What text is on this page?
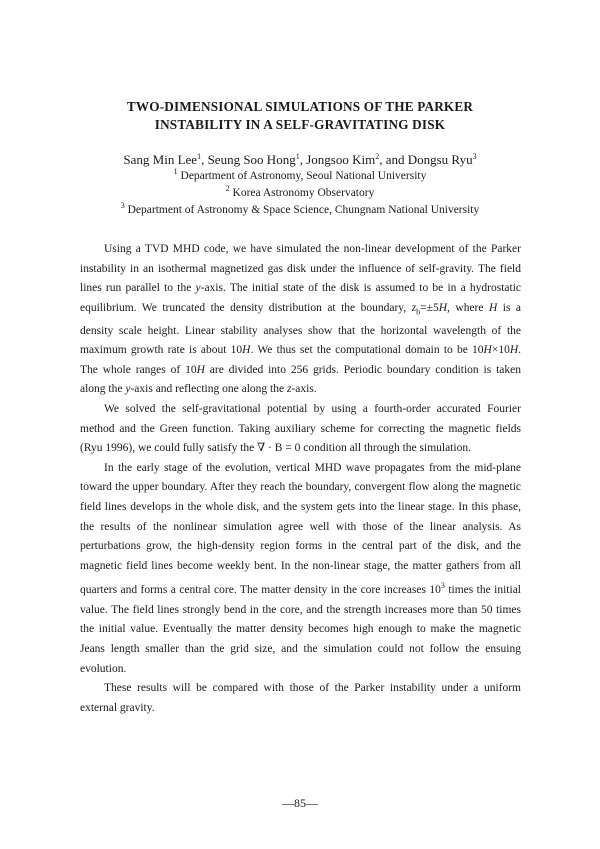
TWO-DIMENSIONAL SIMULATIONS OF THE PARKER
INSTABILITY IN A SELF-GRAVITATING DISK
Sang Min Lee$^1$, Seung Soo Hong$^1$, Jongsoo Kim$^2$, and Dongsu Ryu$^3$
$^1$ Department of Astronomy, Seoul National University
$^2$ Korea Astronomy Observatory
$^3$ Department of Astronomy & Space Science, Chungnam National University

Using a TVD MHD code, we have simulated the non-linear development of the Parker instability in an isothermal magnetized gas disk under the influence of self-gravity. The field lines run parallel to the y-axis. The initial state of the disk is assumed to be in a hydrostatic equilibrium. We truncated the density distribution at the boundary, $z_b=\pm 5H$, where H is a density scale height. Linear stability analyses show that the horizontal wavelength of the maximum growth rate is about 10H. We thus set the computational domain to be 10H×10H. The whole ranges of 10H are divided into 256 grids. Periodic boundary condition is taken along the y-axis and reflecting one along the z-axis.

We solved the self-gravitational potential by using a fourth-order accurated Fourier method and the Green function. Taking auxiliary scheme for correcting the magnetic fields (Ryu 1996), we could fully satisfy the ∇ · B = 0 condition all through the simulation.

In the early stage of the evolution, vertical MHD wave propagates from the mid-plane toward the upper boundary. After they reach the boundary, convergent flow along the magnetic field lines develops in the whole disk, and the system gets into the linear stage. In this phase, the results of the nonlinear simulation agree well with those of the linear analysis. As perturbations grow, the high-density region forms in the central part of the disk, and the magnetic field lines become weekly bent. In the non-linear stage, the matter gathers from all quarters and forms a central core. The matter density in the core increases $10^3$ times the initial value. The field lines strongly bend in the core, and the strength increases more than 50 times the initial value. Eventually the matter density becomes high enough to make the magnetic Jeans length smaller than the grid size, and the simulation could not follow the ensuing evolution.

These results will be compared with those of the Parker instability under a uniform external gravity.

—85—
